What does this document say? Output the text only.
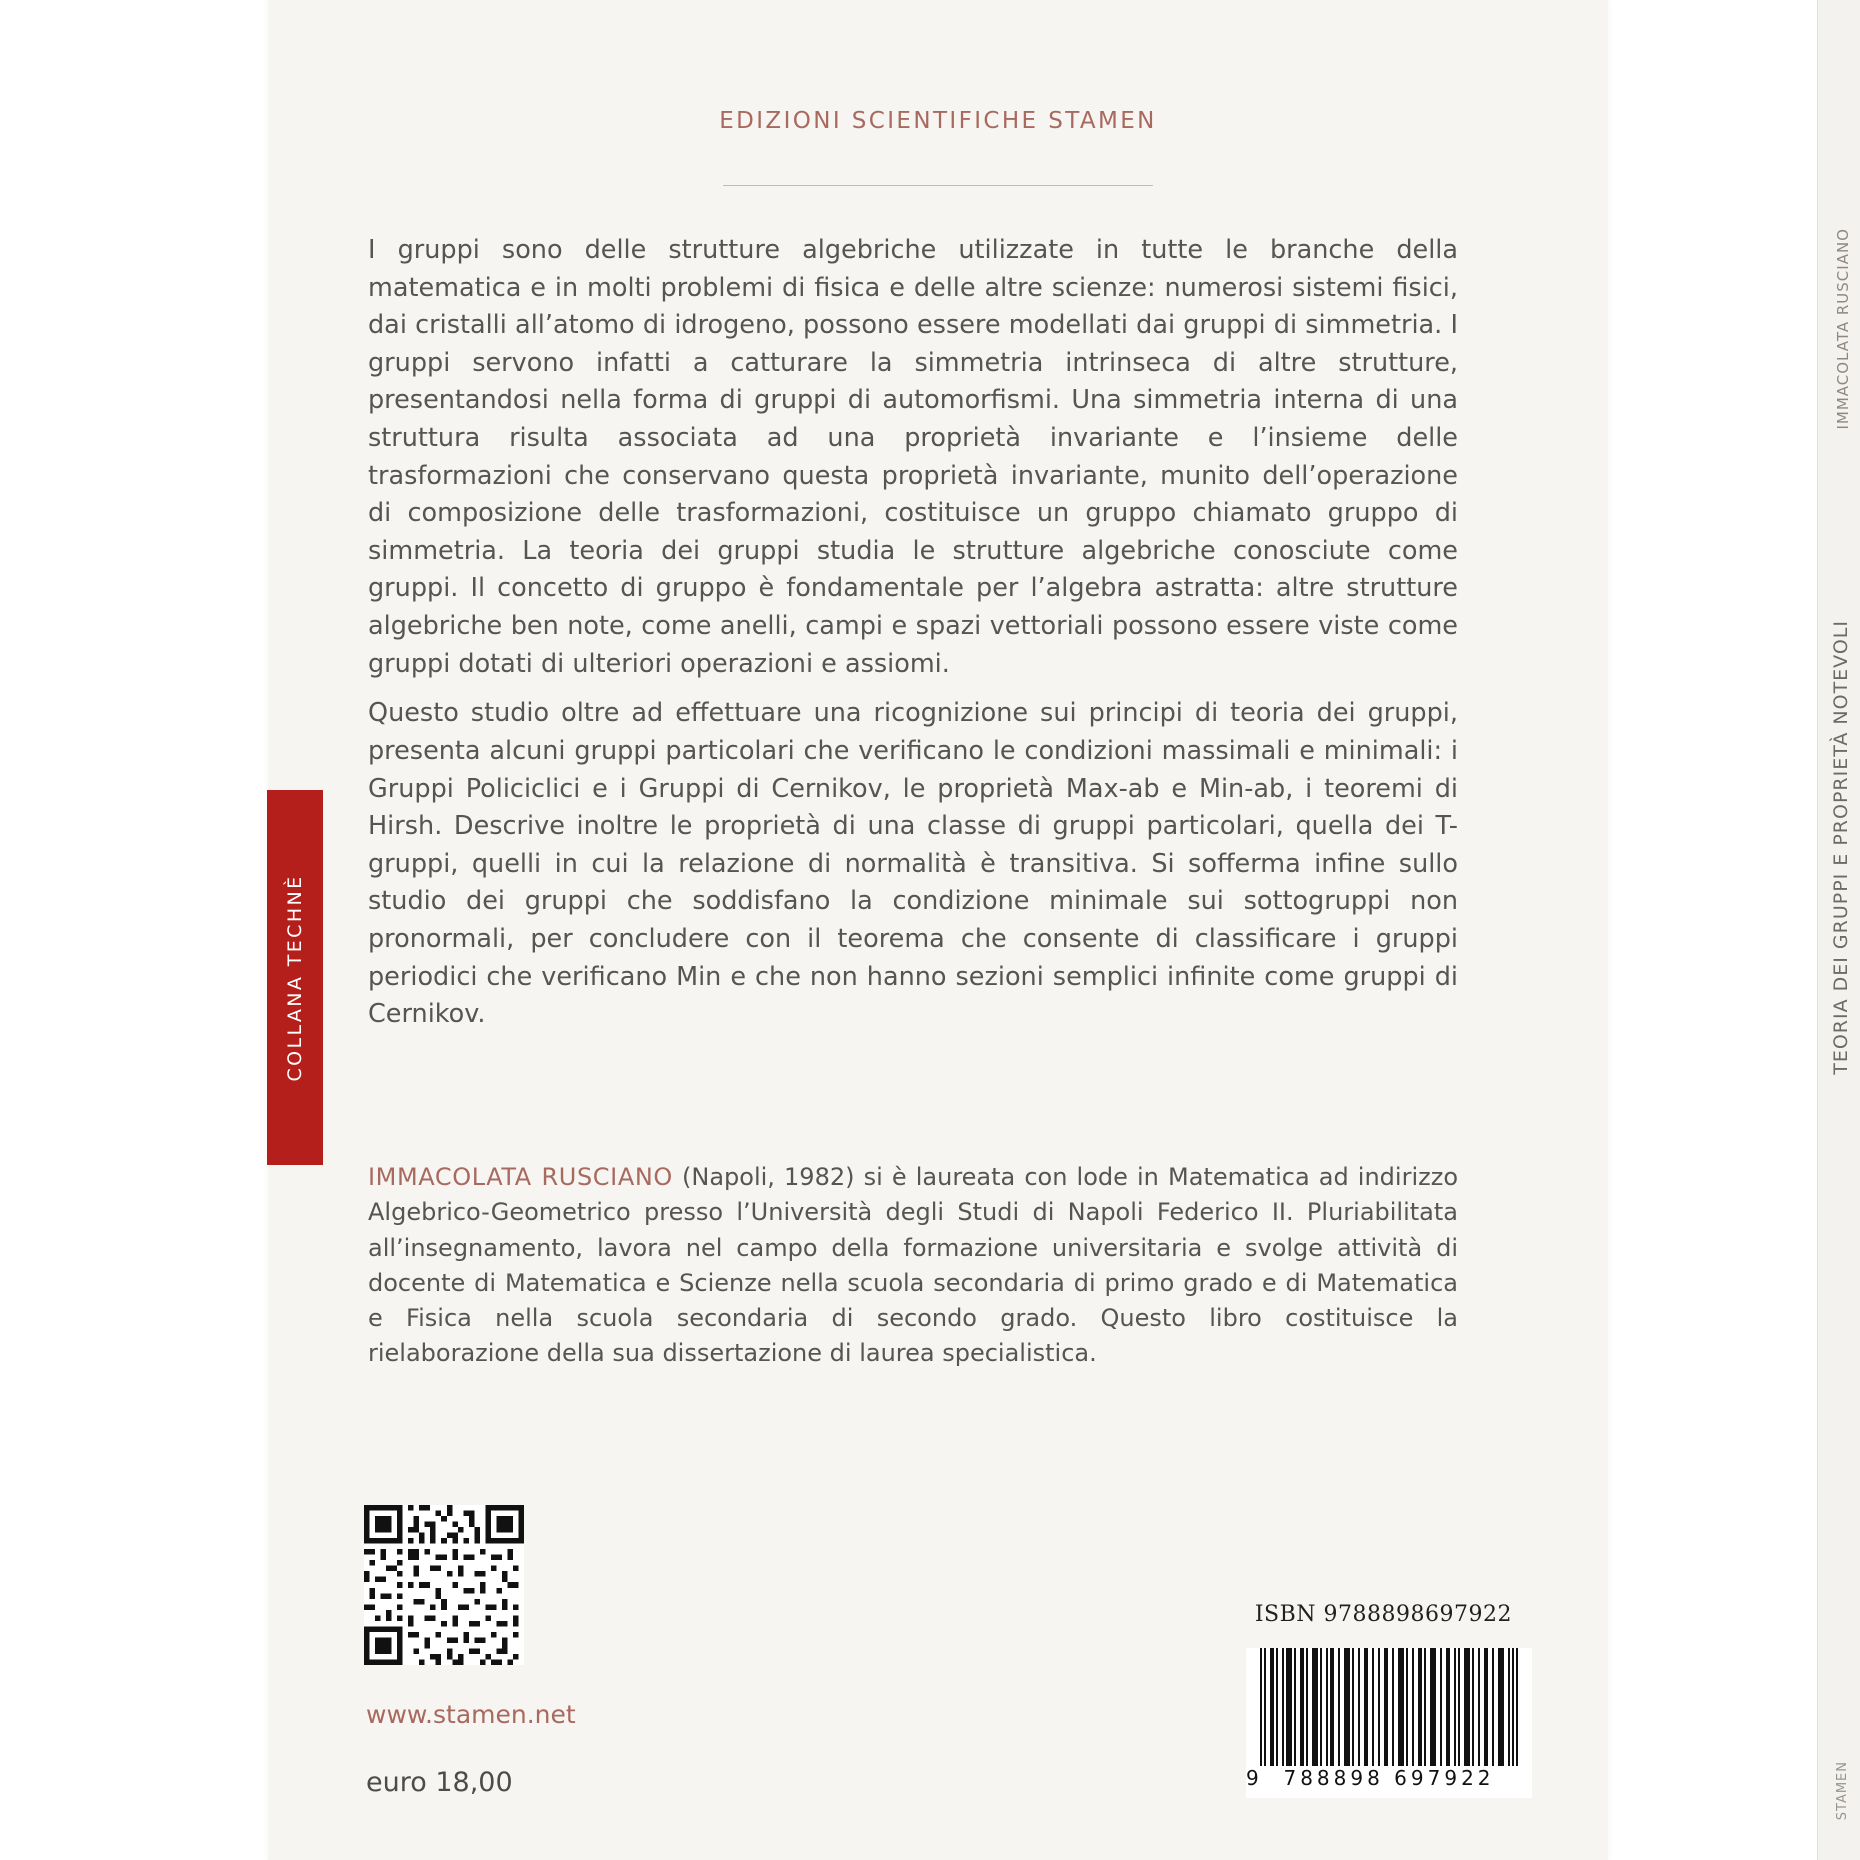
EDIZIONI SCIENTIFICHE STAMEN
COLLANA TECHNÈ

I gruppi sono delle strutture algebriche utilizzate in tutte le branche della matematica e in molti problemi di fisica e delle altre scienze: numerosi sistemi fisici, dai cristalli all’atomo di idrogeno, possono essere modellati dai gruppi di simmetria. I gruppi servono infatti a catturare la simmetria intrinseca di altre strutture, presentandosi nella forma di gruppi di automorfismi. Una simmetria interna di una struttura risulta associata ad una proprietà invariante e l’insieme delle trasformazioni che conservano questa proprietà invariante, munito dell’operazione di composizione delle trasformazioni, costituisce un gruppo chiamato gruppo di simmetria. La teoria dei gruppi studia le strutture algebriche conosciute come gruppi. Il concetto di gruppo è fondamentale per l’algebra astratta: altre strutture algebriche ben note, come anelli, campi e spazi vettoriali possono essere viste come gruppi dotati di ulteriori operazioni e assiomi.

Questo studio oltre ad effettuare una ricognizione sui principi di teoria dei gruppi, presenta alcuni gruppi particolari che verificano le condizioni massimali e minimali: i Gruppi Policiclici e i Gruppi di Cernikov, le proprietà Max-ab e Min-ab, i teoremi di Hirsh. Descrive inoltre le proprietà di una classe di gruppi particolari, quella dei T-gruppi, quelli in cui la relazione di normalità è transitiva. Si sofferma infine sullo studio dei gruppi che soddisfano la condizione minimale sui sottogruppi non pronormali, per concludere con il teorema che consente di classificare i gruppi periodici che verificano Min e che non hanno sezioni semplici infinite come gruppi di Cernikov.

IMMACOLATA RUSCIANO (Napoli, 1982) si è laureata con lode in Matematica ad indirizzo Algebrico-Geometrico presso l’Università degli Studi di Napoli Federico II. Pluriabilitata all’insegnamento, lavora nel campo della formazione universitaria e svolge attività di docente di Matematica e Scienze nella scuola secondaria di primo grado e di Matematica e Fisica nella scuola secondaria di secondo grado. Questo libro costituisce la rielaborazione della sua dissertazione di laurea specialistica.
www.stamen.net
euro 18,00
ISBN 9788898697922
9	788898 697922
IMMACOLATA RUSCIANO
TEORIA DEI GRUPPI E PROPRIETÀ NOTEVOLI
STAMEN
